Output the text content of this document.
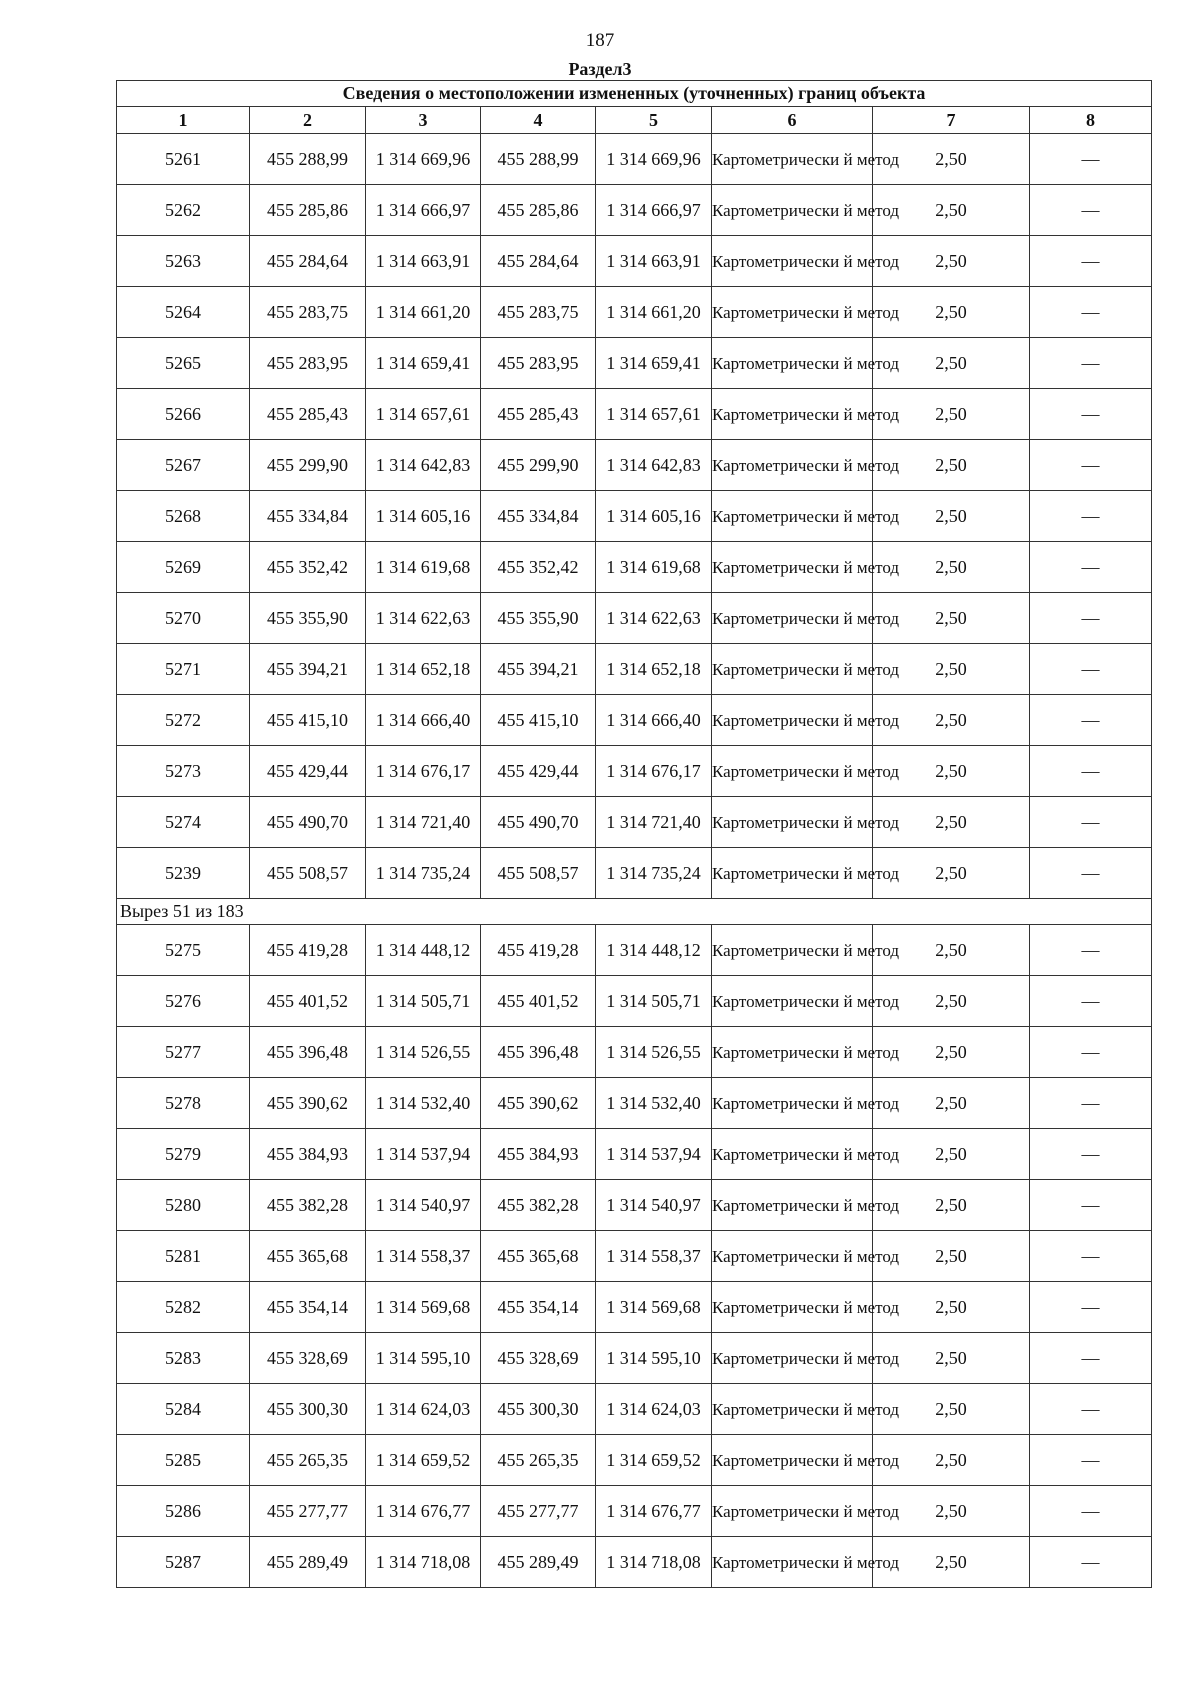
187
Раздел3
Сведения о местоположении измененных (уточненных) границ объекта							
1	2	3	4	5	6	7	8
5261	455 288,99	1 314 669,96	455 288,99	1 314 669,96	Картометрически й метод	2,50	—
5262	455 285,86	1 314 666,97	455 285,86	1 314 666,97	Картометрически й метод	2,50	—
5263	455 284,64	1 314 663,91	455 284,64	1 314 663,91	Картометрически й метод	2,50	—
5264	455 283,75	1 314 661,20	455 283,75	1 314 661,20	Картометрически й метод	2,50	—
5265	455 283,95	1 314 659,41	455 283,95	1 314 659,41	Картометрически й метод	2,50	—
5266	455 285,43	1 314 657,61	455 285,43	1 314 657,61	Картометрически й метод	2,50	—
5267	455 299,90	1 314 642,83	455 299,90	1 314 642,83	Картометрически й метод	2,50	—
5268	455 334,84	1 314 605,16	455 334,84	1 314 605,16	Картометрически й метод	2,50	—
5269	455 352,42	1 314 619,68	455 352,42	1 314 619,68	Картометрически й метод	2,50	—
5270	455 355,90	1 314 622,63	455 355,90	1 314 622,63	Картометрически й метод	2,50	—
5271	455 394,21	1 314 652,18	455 394,21	1 314 652,18	Картометрически й метод	2,50	—
5272	455 415,10	1 314 666,40	455 415,10	1 314 666,40	Картометрически й метод	2,50	—
5273	455 429,44	1 314 676,17	455 429,44	1 314 676,17	Картометрически й метод	2,50	—
5274	455 490,70	1 314 721,40	455 490,70	1 314 721,40	Картометрически й метод	2,50	—
5239	455 508,57	1 314 735,24	455 508,57	1 314 735,24	Картометрически й метод	2,50	—
Вырез 51 из 183							
5275	455 419,28	1 314 448,12	455 419,28	1 314 448,12	Картометрически й метод	2,50	—
5276	455 401,52	1 314 505,71	455 401,52	1 314 505,71	Картометрически й метод	2,50	—
5277	455 396,48	1 314 526,55	455 396,48	1 314 526,55	Картометрически й метод	2,50	—
5278	455 390,62	1 314 532,40	455 390,62	1 314 532,40	Картометрически й метод	2,50	—
5279	455 384,93	1 314 537,94	455 384,93	1 314 537,94	Картометрически й метод	2,50	—
5280	455 382,28	1 314 540,97	455 382,28	1 314 540,97	Картометрически й метод	2,50	—
5281	455 365,68	1 314 558,37	455 365,68	1 314 558,37	Картометрически й метод	2,50	—
5282	455 354,14	1 314 569,68	455 354,14	1 314 569,68	Картометрически й метод	2,50	—
5283	455 328,69	1 314 595,10	455 328,69	1 314 595,10	Картометрически й метод	2,50	—
5284	455 300,30	1 314 624,03	455 300,30	1 314 624,03	Картометрически й метод	2,50	—
5285	455 265,35	1 314 659,52	455 265,35	1 314 659,52	Картометрически й метод	2,50	—
5286	455 277,77	1 314 676,77	455 277,77	1 314 676,77	Картометрически й метод	2,50	—
5287	455 289,49	1 314 718,08	455 289,49	1 314 718,08	Картометрически й метод	2,50	—
